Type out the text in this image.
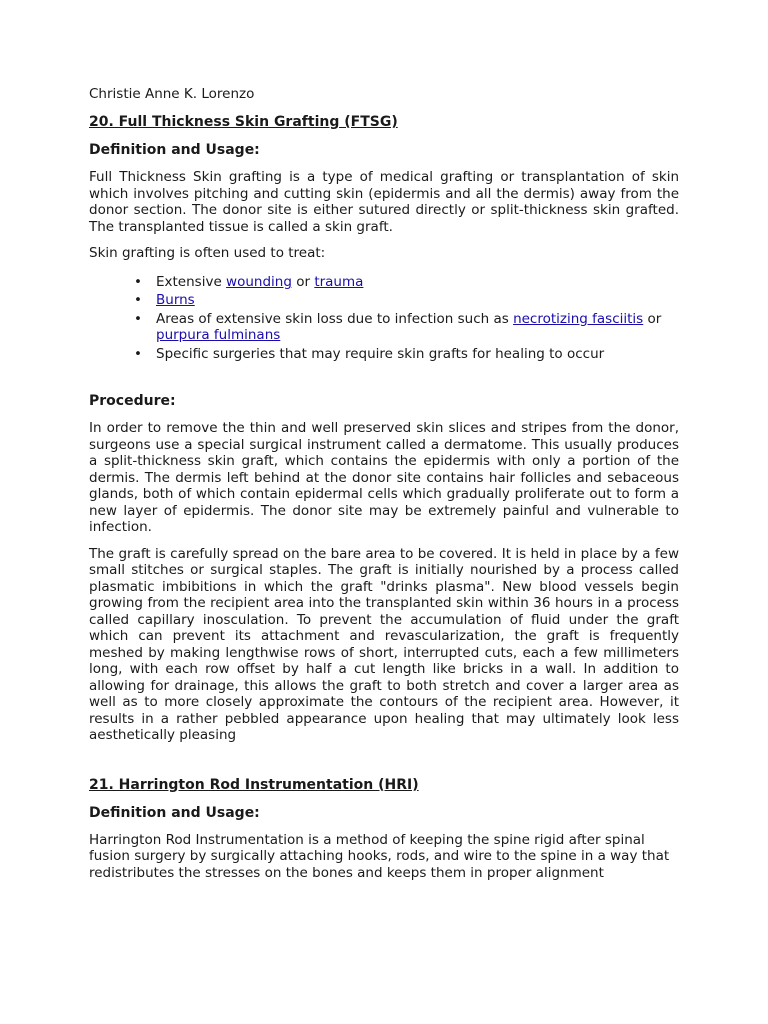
Christie Anne K. Lorenzo
20. Full Thickness Skin Grafting (FTSG)
Definition and Usage:

Full Thickness Skin grafting is a type of medical grafting or transplantation of skin which involves pitching and cutting skin (epidermis and all the dermis) away from the donor section. The donor site is either sutured directly or split-thickness skin grafted. The transplanted tissue is called a skin graft.

Skin grafting is often used to treat:

• Extensive wounding or trauma
• Burns
• Areas of extensive skin loss due to infection such as necrotizing fasciitis or purpura fulminans
• Specific surgeries that may require skin grafts for healing to occur
Procedure:

In order to remove the thin and well preserved skin slices and stripes from the donor, surgeons use a special surgical instrument called a dermatome. This usually produces a split-thickness skin graft, which contains the epidermis with only a portion of the dermis. The dermis left behind at the donor site contains hair follicles and sebaceous glands, both of which contain epidermal cells which gradually proliferate out to form a new layer of epidermis. The donor site may be extremely painful and vulnerable to infection.

The graft is carefully spread on the bare area to be covered. It is held in place by a few small stitches or surgical staples. The graft is initially nourished by a process called plasmatic imbibitions in which the graft "drinks plasma". New blood vessels begin growing from the recipient area into the transplanted skin within 36 hours in a process called capillary inosculation. To prevent the accumulation of fluid under the graft which can prevent its attachment and revascularization, the graft is frequently meshed by making lengthwise rows of short, interrupted cuts, each a few millimeters long, with each row offset by half a cut length like bricks in a wall. In addition to allowing for drainage, this allows the graft to both stretch and cover a larger area as well as to more closely approximate the contours of the recipient area. However, it results in a rather pebbled appearance upon healing that may ultimately look less aesthetically pleasing

21. Harrington Rod Instrumentation (HRI)
Definition and Usage:

Harrington Rod Instrumentation is a method of keeping the spine rigid after spinal fusion surgery by surgically attaching hooks, rods, and wire to the spine in a way that redistributes the stresses on the bones and keeps them in proper alignment
